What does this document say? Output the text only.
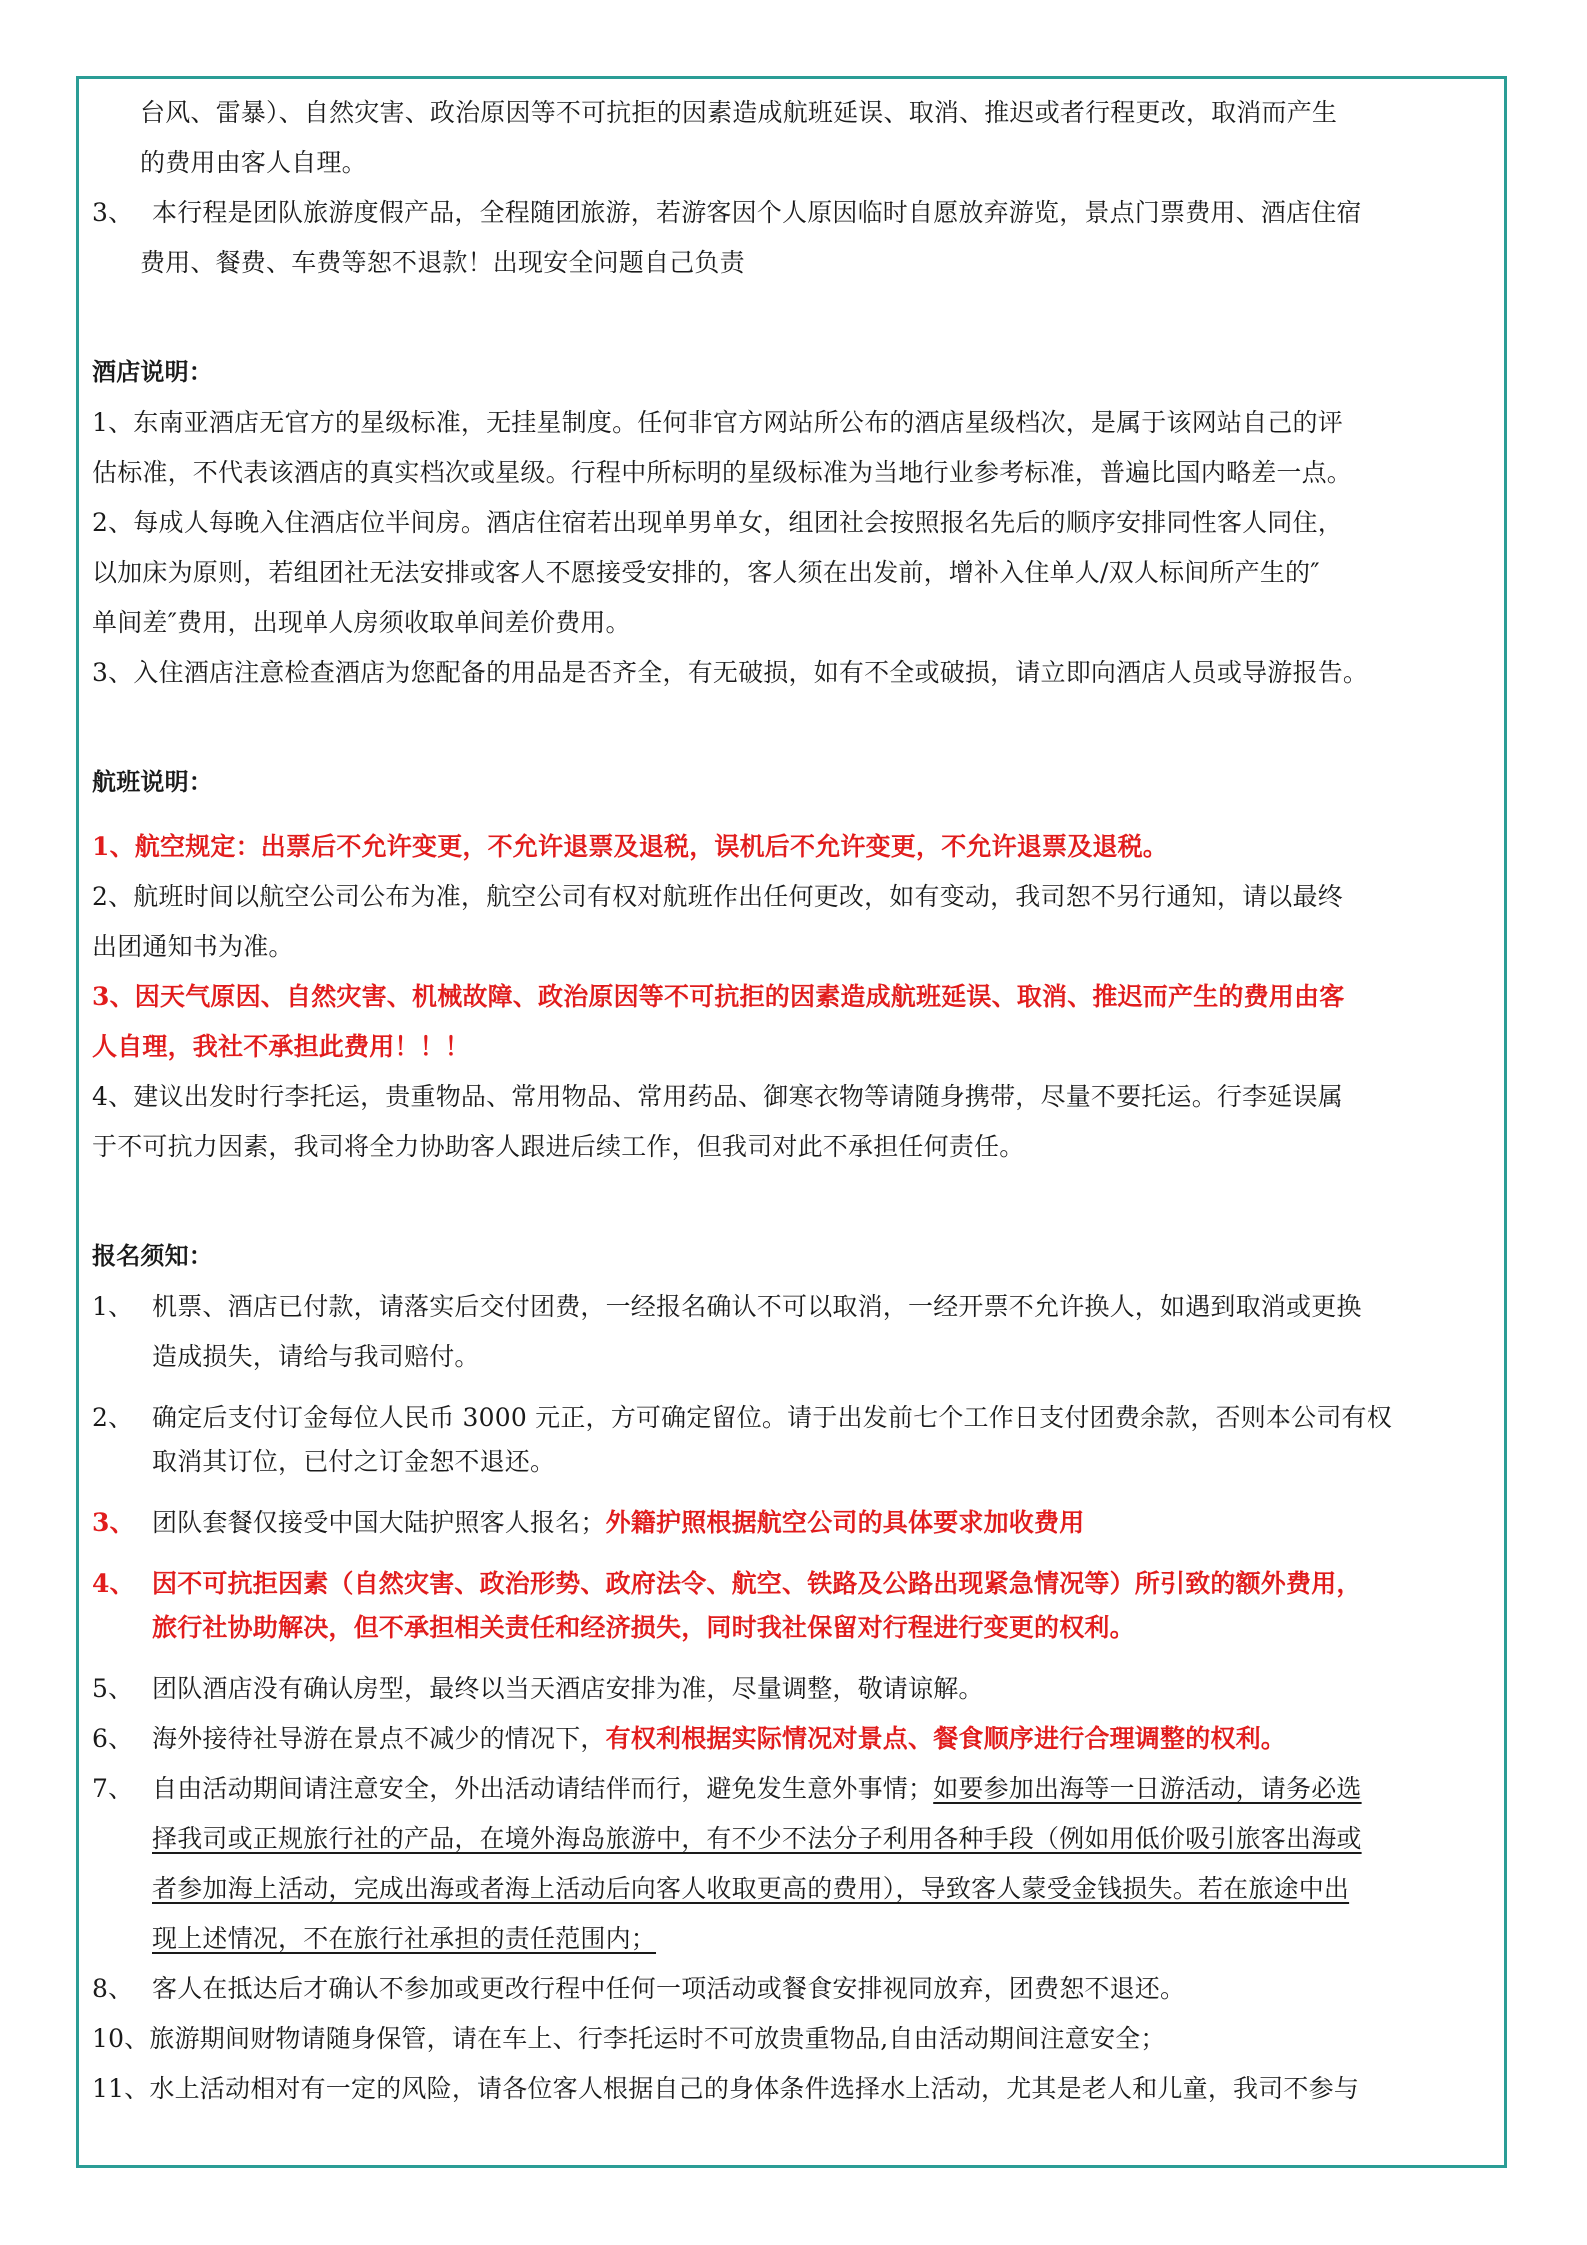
台风、雷暴）、自然灾害、政治原因等不可抗拒的因素造成航班延误、取消、推迟或者行程更改，取消而产生
的费用由客人自理。
3、 本行程是团队旅游度假产品，全程随团旅游，若游客因个人原因临时自愿放弃游览，景点门票费用、酒店住宿
费用、餐费、车费等恕不退款！出现安全问题自己负责
酒店说明：
1、东南亚酒店无官方的星级标准，无挂星制度。任何非官方网站所公布的酒店星级档次，是属于该网站自己的评
估标准，不代表该酒店的真实档次或星级。行程中所标明的星级标准为当地行业参考标准，普遍比国内略差一点。
2、每成人每晚入住酒店位半间房。酒店住宿若出现单男单女，组团社会按照报名先后的顺序安排同性客人同住，
以加床为原则，若组团社无法安排或客人不愿接受安排的，客人须在出发前，增补入住单人/双人标间所产生的″
单间差″费用，出现单人房须收取单间差价费用。
3、入住酒店注意检查酒店为您配备的用品是否齐全，有无破损，如有不全或破损，请立即向酒店人员或导游报告。
航班说明：
1、航空规定：出票后不允许变更，不允许退票及退税，误机后不允许变更，不允许退票及退税。
2、航班时间以航空公司公布为准，航空公司有权对航班作出任何更改，如有变动，我司恕不另行通知，请以最终
出团通知书为准。
3、因天气原因、自然灾害、机械故障、政治原因等不可抗拒的因素造成航班延误、取消、推迟而产生的费用由客
人自理，我社不承担此费用！！！
4、建议出发时行李托运，贵重物品、常用物品、常用药品、御寒衣物等请随身携带，尽量不要托运。行李延误属
于不可抗力因素，我司将全力协助客人跟进后续工作，但我司对此不承担任何责任。
报名须知：
1、 机票、酒店已付款，请落实后交付团费，一经报名确认不可以取消，一经开票不允许换人，如遇到取消或更换
造成损失，请给与我司赔付。
2、 确定后支付订金每位人民币 3000 元正，方可确定留位。请于出发前七个工作日支付团费余款，否则本公司有权
取消其订位，已付之订金恕不退还。
3、 团队套餐仅接受中国大陆护照客人报名；外籍护照根据航空公司的具体要求加收费用
4、 因不可抗拒因素（自然灾害、政治形势、政府法令、航空、铁路及公路出现紧急情况等）所引致的额外费用，
旅行社协助解决，但不承担相关责任和经济损失，同时我社保留对行程进行变更的权利。
5、 团队酒店没有确认房型，最终以当天酒店安排为准，尽量调整，敬请谅解。
6、 海外接待社导游在景点不减少的情况下，有权利根据实际情况对景点、餐食顺序进行合理调整的权利。
7、 自由活动期间请注意安全，外出活动请结伴而行，避免发生意外事情；如要参加出海等一日游活动，请务必选
择我司或正规旅行社的产品，在境外海岛旅游中，有不少不法分子利用各种手段（例如用低价吸引旅客出海或
者参加海上活动，完成出海或者海上活动后向客人收取更高的费用），导致客人蒙受金钱损失。若在旅途中出
现上述情况，不在旅行社承担的责任范围内；
8、 客人在抵达后才确认不参加或更改行程中任何一项活动或餐食安排视同放弃，团费恕不退还。
10、旅游期间财物请随身保管，请在车上、行李托运时不可放贵重物品,自由活动期间注意安全；
11、水上活动相对有一定的风险，请各位客人根据自己的身体条件选择水上活动，尤其是老人和儿童，我司不参与
